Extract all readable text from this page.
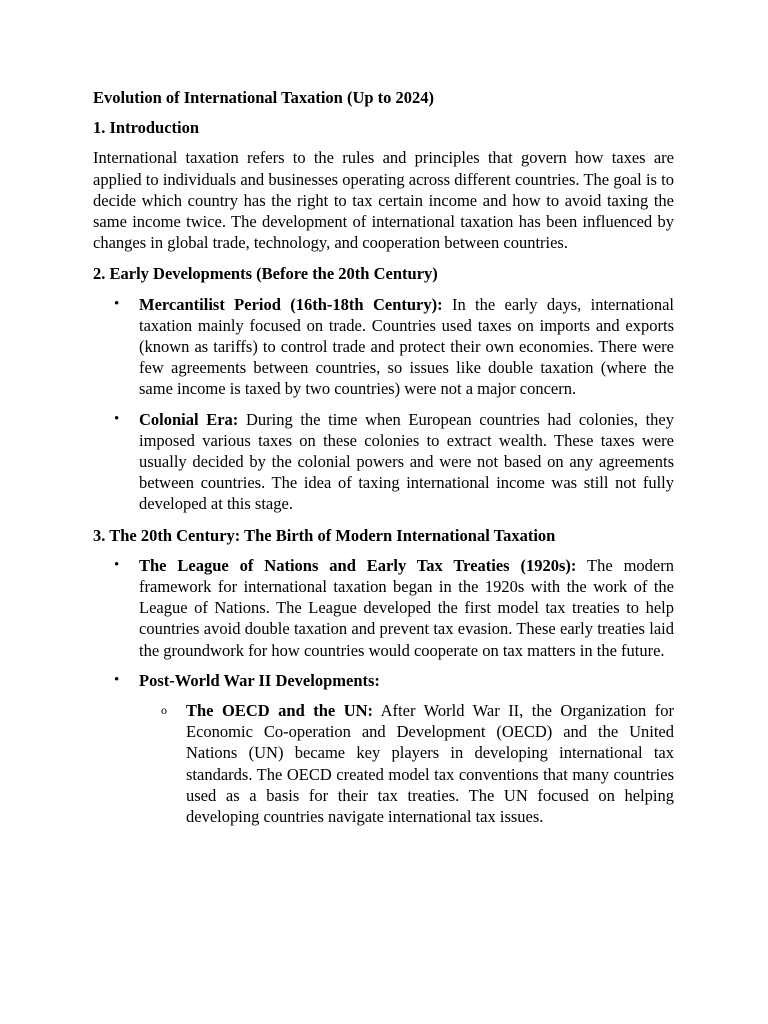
Evolution of International Taxation (Up to 2024)

1. Introduction

International taxation refers to the rules and principles that govern how taxes are applied to individuals and businesses operating across different countries. The goal is to decide which country has the right to tax certain income and how to avoid taxing the same income twice. The development of international taxation has been influenced by changes in global trade, technology, and cooperation between countries.

2. Early Developments (Before the 20th Century)

• Mercantilist Period (16th-18th Century): In the early days, international taxation mainly focused on trade. Countries used taxes on imports and exports (known as tariffs) to control trade and protect their own economies. There were few agreements between countries, so issues like double taxation (where the same income is taxed by two countries) were not a major concern.
• Colonial Era: During the time when European countries had colonies, they imposed various taxes on these colonies to extract wealth. These taxes were usually decided by the colonial powers and were not based on any agreements between countries. The idea of taxing international income was still not fully developed at this stage.

3. The 20th Century: The Birth of Modern International Taxation

• The League of Nations and Early Tax Treaties (1920s): The modern framework for international taxation began in the 1920s with the work of the League of Nations. The League developed the first model tax treaties to help countries avoid double taxation and prevent tax evasion. These early treaties laid the groundwork for how countries would cooperate on tax matters in the future.
• Post-World War II Developments:
o The OECD and the UN: After World War II, the Organization for Economic Co-operation and Development (OECD) and the United Nations (UN) became key players in developing international tax standards. The OECD created model tax conventions that many countries used as a basis for their tax treaties. The UN focused on helping developing countries navigate international tax issues.
